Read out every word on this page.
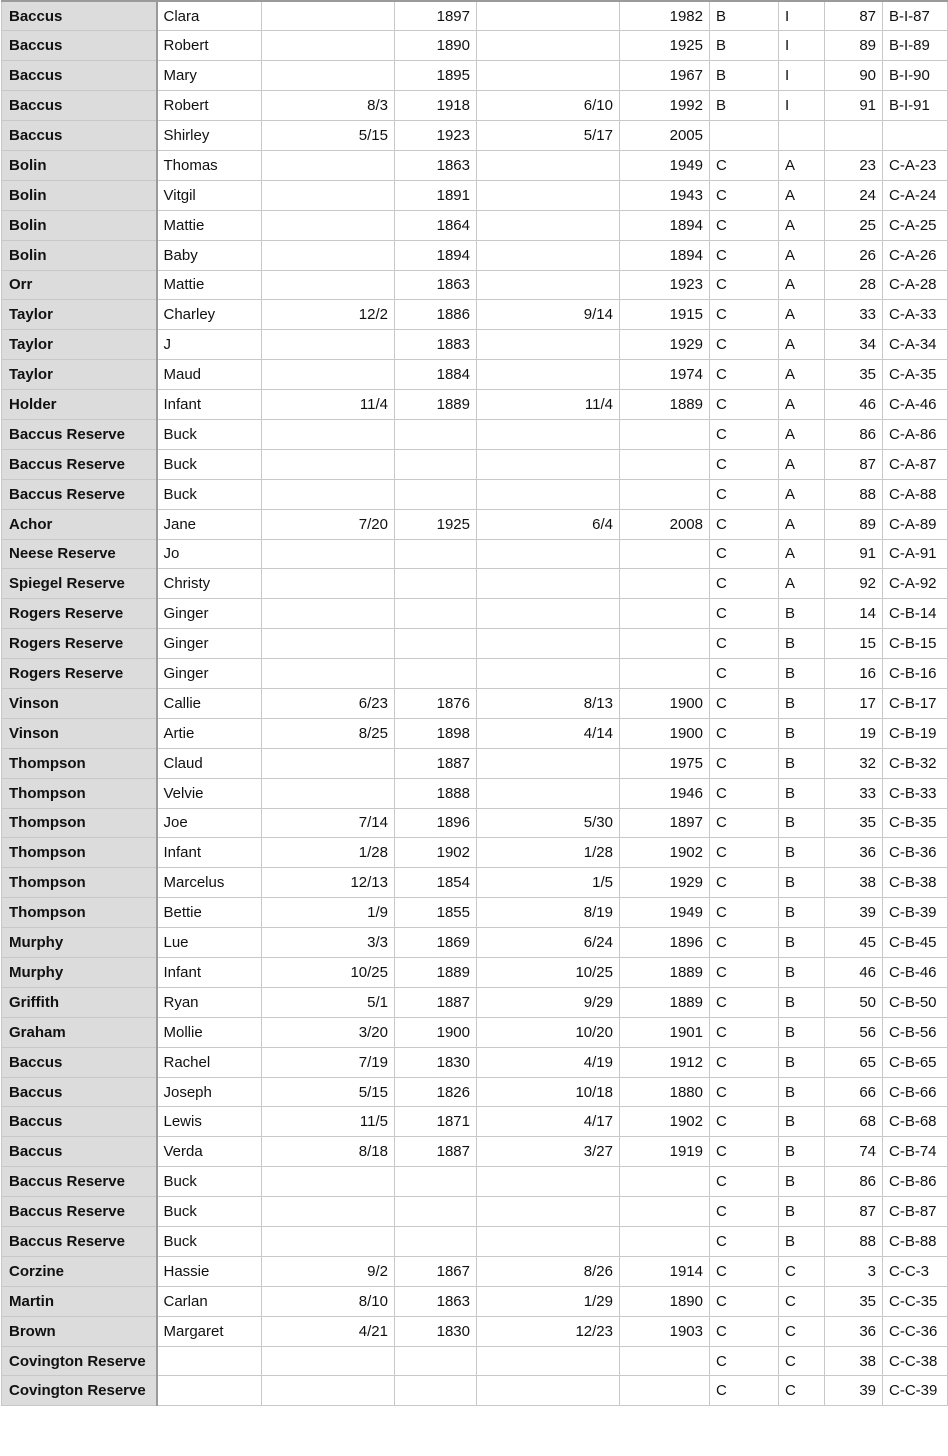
Baccus	Clara		1897		1982	B	I	87	B-I-87
Baccus	Robert		1890		1925	B	I	89	B-I-89
Baccus	Mary		1895		1967	B	I	90	B-I-90
Baccus	Robert	8/3	1918	6/10	1992	B	I	91	B-I-91
Baccus	Shirley	5/15	1923	5/17	2005				
Bolin	Thomas		1863		1949	C	A	23	C-A-23
Bolin	Vitgil		1891		1943	C	A	24	C-A-24
Bolin	Mattie		1864		1894	C	A	25	C-A-25
Bolin	Baby		1894		1894	C	A	26	C-A-26
Orr	Mattie		1863		1923	C	A	28	C-A-28
Taylor	Charley	12/2	1886	9/14	1915	C	A	33	C-A-33
Taylor	J		1883		1929	C	A	34	C-A-34
Taylor	Maud		1884		1974	C	A	35	C-A-35
Holder	Infant	11/4	1889	11/4	1889	C	A	46	C-A-46
Baccus Reserve	Buck					C	A	86	C-A-86
Baccus Reserve	Buck					C	A	87	C-A-87
Baccus Reserve	Buck					C	A	88	C-A-88
Achor	Jane	7/20	1925	6/4	2008	C	A	89	C-A-89
Neese Reserve	Jo					C	A	91	C-A-91
Spiegel Reserve	Christy					C	A	92	C-A-92
Rogers Reserve	Ginger					C	B	14	C-B-14
Rogers Reserve	Ginger					C	B	15	C-B-15
Rogers Reserve	Ginger					C	B	16	C-B-16
Vinson	Callie	6/23	1876	8/13	1900	C	B	17	C-B-17
Vinson	Artie	8/25	1898	4/14	1900	C	B	19	C-B-19
Thompson	Claud		1887		1975	C	B	32	C-B-32
Thompson	Velvie		1888		1946	C	B	33	C-B-33
Thompson	Joe	7/14	1896	5/30	1897	C	B	35	C-B-35
Thompson	Infant	1/28	1902	1/28	1902	C	B	36	C-B-36
Thompson	Marcelus	12/13	1854	1/5	1929	C	B	38	C-B-38
Thompson	Bettie	1/9	1855	8/19	1949	C	B	39	C-B-39
Murphy	Lue	3/3	1869	6/24	1896	C	B	45	C-B-45
Murphy	Infant	10/25	1889	10/25	1889	C	B	46	C-B-46
Griffith	Ryan	5/1	1887	9/29	1889	C	B	50	C-B-50
Graham	Mollie	3/20	1900	10/20	1901	C	B	56	C-B-56
Baccus	Rachel	7/19	1830	4/19	1912	C	B	65	C-B-65
Baccus	Joseph	5/15	1826	10/18	1880	C	B	66	C-B-66
Baccus	Lewis	11/5	1871	4/17	1902	C	B	68	C-B-68
Baccus	Verda	8/18	1887	3/27	1919	C	B	74	C-B-74
Baccus Reserve	Buck					C	B	86	C-B-86
Baccus Reserve	Buck					C	B	87	C-B-87
Baccus Reserve	Buck					C	B	88	C-B-88
Corzine	Hassie	9/2	1867	8/26	1914	C	C	3	C-C-3
Martin	Carlan	8/10	1863	1/29	1890	C	C	35	C-C-35
Brown	Margaret	4/21	1830	12/23	1903	C	C	36	C-C-36
Covington Reserve						C	C	38	C-C-38
Covington Reserve						C	C	39	C-C-39
